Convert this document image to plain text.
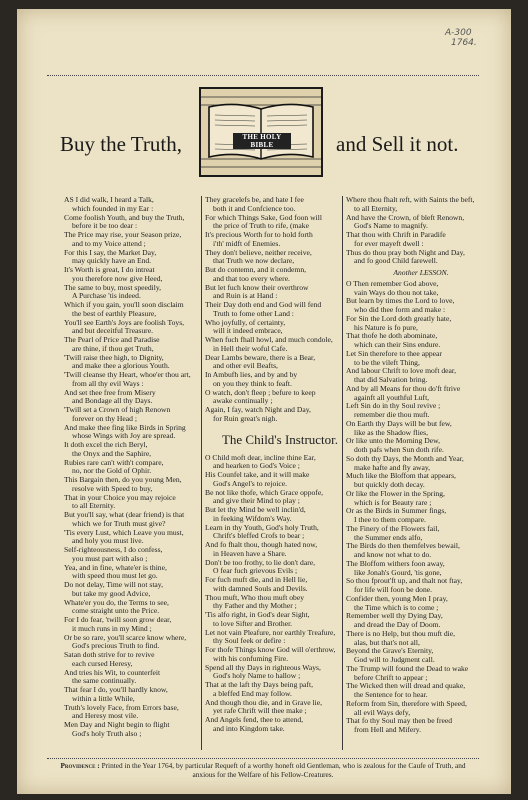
A-300
1764.
THE HOLY BIBLE
Buy the Truth,	and Sell it not.
AS I did walk, I heard a Talk,
which founded in my Ear :
Come foolish Youth, and buy the Truth,
before it be too dear :
The Price may rise, your Season prize,
and to my Voice attend ;
For this I say, the Market Day,
may quickly have an End.
It's Worth is great, I do intreat
you therefore now give Heed,
The same to buy, most speedily,
A Purchase 'tis indeed.
Which if you gain, you'll soon disclaim
the best of earthly Pleasure,
You'll see Earth's Joys are foolish Toys,
and but deceitful Treasure.
The Pearl of Price and Paradise
are thine, if thou get Truth,
'Twill raise thee high, to Dignity,
and make thee a glorious Youth.
'Twill cleanse thy Heart, whoe'er thou art,
from all thy evil Ways :
And set thee free from Misery
and Bondage all thy Days.
'Twill set a Crown of high Renown
forever on thy Head ;
And make thee fing like Birds in Spring
whose Wings with Joy are spread.
It doth excel the rich Beryl,
the Onyx and the Saphire,
Rubies rare can't with't compare,
no, nor the Gold of Ophir.
This Bargain then, do you young Men,
resolve with Speed to buy,
That in your Choice you may rejoice
to all Eternity.
But you'll say, what (dear friend) is that
which we for Truth must give?
'Tis every Lust, which Leave you must,
and holy you must live.
Self-righteousness, I do confess,
you must part with also ;
Yea, and in fine, whate'er is thine,
with speed thou must let go.
Do not delay, Time will not stay,
but take my good Advice,
Whate'er you do, the Terms to see,
come straight unto the Price.
For I do fear, 'twill soon grow dear,
it much runs in my Mind ;
Or be so rare, you'll scarce know where,
God's precious Truth to find.
Satan doth strive for to revive
each cursed Heresy,
And tries his Wit, to counterfeit
the same continually.
That fear I do, you'll hardly know,
within a little While,
Truth's lovely Face, from Errors base,
and Heresy most vile.
Men Day and Night begin to flight
God's holy Truth also ;
They gracelefs be, and hate I fee
both it and Confcience too.
For which Things Sake, God foon will
the price of Truth to rife, (make
It's precious Worth for to hold forth
i'th' midft of Enemies.
They don't believe, neither receive,
that Truth we now declare,
But do contemn, and it condemn,
and that too every where.
But let fuch know their overthrow
and Ruin is at Hand :
Their Day doth end and God will fend
Truth to fome other Land :
Who joyfully, of certainty,
will it indeed embrace,
When fuch fhall howl, and much condole,
in Hell their woful Cafe.
Dear Lambs beware, there is a Bear,
and other evil Beafts,
In Ambufh lies, and by and by
on you they think to feaft.
O watch, don't fleep ; befure to keep
awake continually ;
Again, I fay, watch Night and Day,
for Ruin great's nigh.
The Child's Instructor.
O Child moft dear, incline thine Ear,
and hearken to God's Voice ;
His Counfel take, and it will make
God's Angel's to rejoice.
Be not like thofe, which Grace oppofe,
and give their Mind to play ;
But let thy Mind be well inclin'd,
in feeking Wifdom's Way.
Learn in thy Youth, God's holy Truth,
Chrift's bleffed Crofs to bear ;
And fo fhalt thou, though hated now,
in Heaven have a Share.
Don't be too frothy, to lie don't dare,
O fear fuch grievous Evils ;
For fuch muft die, and in Hell lie,
with damned Souls and Devils.
Thou muft, Who thou muft obey
thy Father and thy Mother ;
'Tis alfo right, in God's dear Sight,
to love Sifter and Brother.
Let not vain Pleafure, nor earthly Treafure,
thy Soul feek or defire :
For thofe Things know God will o'erthrow,
with his confuming Fire.
Spend all thy Days in righteous Ways,
God's holy Name to hallow ;
That at the laft thy Days being paft,
a bleffed End may follow.
And though thou die, and in Grave lie,
yet rafe Chrift will thee make ;
And Angels fend, thee to attend,
and into Kingdom take.
Where thou fhalt reft, with Saints the beft,
to all Eternity,
And have the Crown, of bleft Renown,
God's Name to magnify.
That thou with Chrift in Paradife
for ever mayeft dwell :
Thus do thou pray both Night and Day,
and fo good Child farewell.
Another LESSON.
O Then remember God above,
vain Ways do thou not take,
But learn by times the Lord to love,
who did thee form and make :
For Sin the Lord doth greatly hate,
his Nature is fo pure,
That thofe he doth abominate,
which can their Sins endure.
Let Sin therefore to thee appear
to be the vileft Thing,
And labour Chrift to love moft dear,
that did Salvation bring.
And by all Means for thou do'ft ftrive
againft all youthful Luft,
Left Sin do in thy Soul revive ;
remember die thou muft.
On Earth thy Days will be but few,
like as the Shadow flies,
Or like unto the Morning Dew,
doth pafs when Sun doth rife.
So doth thy Days, the Month and Year,
make hafte and fly away,
Much like the Bloffom that appears,
but quickly doth decay.
Or like the Flower in the Spring,
which is for Beauty rare ;
Or as the Birds in Summer fings,
I thee to them compare.
The Finery of the Flowers fail,
the Summer ends alfo,
The Birds do then themfelves bewail,
and know not what to do.
The Bloffom withers foon away,
like Jonah's Gourd, 'tis gone,
So thou fprout'ft up, and thalt not ftay,
for life will foon be done.
Confider then, young Men I pray,
the Time which is to come ;
Remember well thy Dying Day,
and dread the Day of Doom.
There is no Help, but thou muft die,
alas, but that's not all,
Beyond the Grave's Eternity,
God will to Judgment call.
The Trump will found the Dead to wake
before Chrift to appear ;
The Wicked then will dread and quake,
the Sentence for to hear.
Reform from Sin, therefore with Speed,
all evil Ways defy,
That fo thy Soul may then be freed
from Hell and Mifery.
Providence : Printed in the Year 1764, by particular Requeft of a worthy honeft old Gentleman, who is zealous for the Caufe of Truth, and anxious for the Welfare of his Fellow-Creatures.
